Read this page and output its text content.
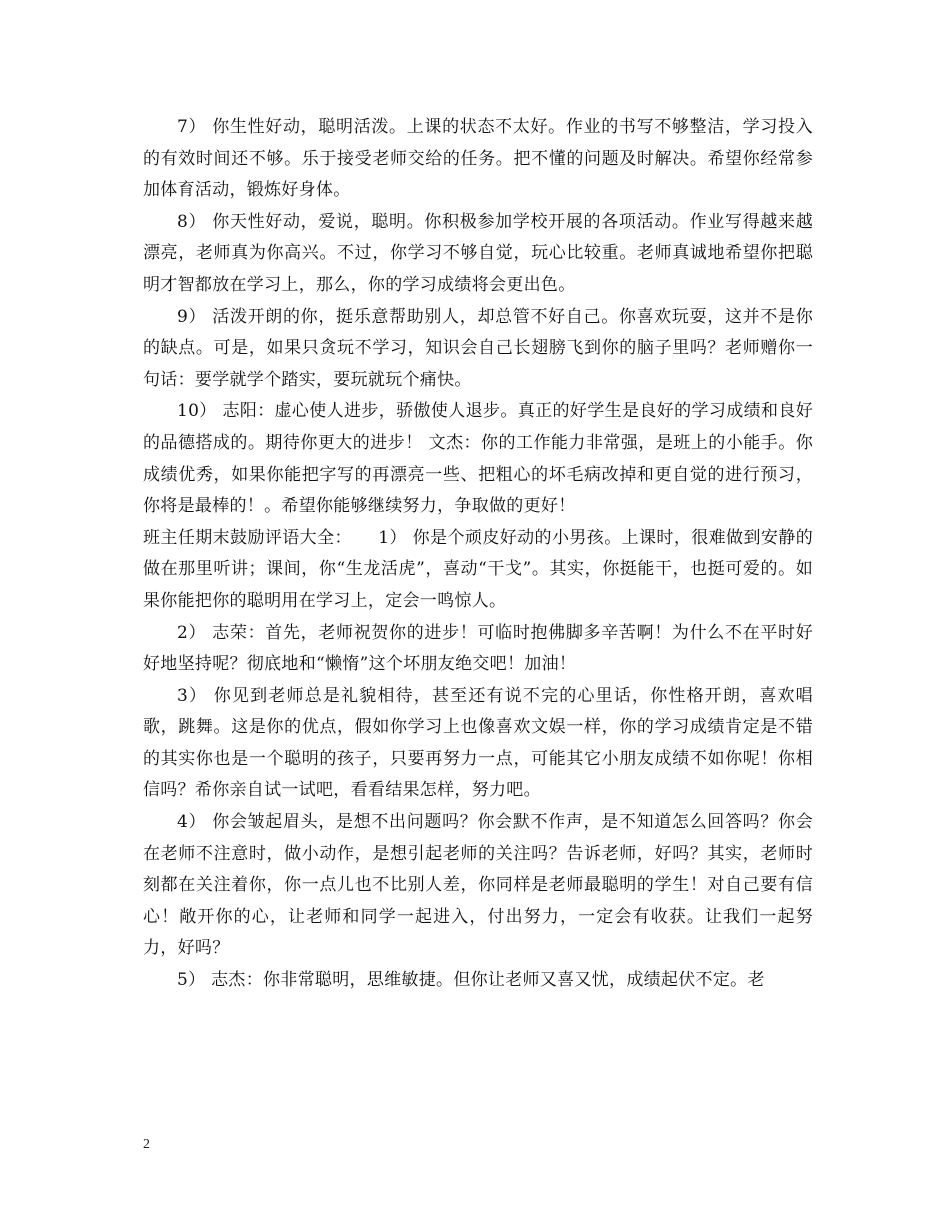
7） 你生性好动，聪明活泼。上课的状态不太好。作业的书写不够整洁，学习投入的有效时间还不够。乐于接受老师交给的任务。把不懂的问题及时解决。希望你经常参加体育活动，锻炼好身体。

8） 你天性好动，爱说，聪明。你积极参加学校开展的各项活动。作业写得越来越漂亮，老师真为你高兴。不过，你学习不够自觉，玩心比较重。老师真诚地希望你把聪明才智都放在学习上，那么，你的学习成绩将会更出色。

9） 活泼开朗的你，挺乐意帮助别人，却总管不好自己。你喜欢玩耍，这并不是你的缺点。可是，如果只贪玩不学习，知识会自己长翅膀飞到你的脑子里吗？老师赠你一句话：要学就学个踏实，要玩就玩个痛快。

10） 志阳：虚心使人进步，骄傲使人退步。真正的好学生是良好的学习成绩和良好的品德搭成的。期待你更大的进步！ 文杰：你的工作能力非常强，是班上的小能手。你成绩优秀，如果你能把字写的再漂亮一些、把粗心的坏毛病改掉和更自觉的进行预习，你将是最棒的！。希望你能够继续努力，争取做的更好！

班主任期末鼓励评语大全：　　1） 你是个顽皮好动的小男孩。上课时，很难做到安静的做在那里听讲；课间，你“生龙活虎”，喜动“干戈”。其实，你挺能干，也挺可爱的。如果你能把你的聪明用在学习上，定会一鸣惊人。

2） 志荣：首先，老师祝贺你的进步！可临时抱佛脚多辛苦啊！为什么不在平时好好地坚持呢？彻底地和“懒惰”这个坏朋友绝交吧！加油！

3） 你见到老师总是礼貌相待，甚至还有说不完的心里话，你性格开朗，喜欢唱歌，跳舞。这是你的优点，假如你学习上也像喜欢文娱一样，你的学习成绩肯定是不错的其实你也是一个聪明的孩子，只要再努力一点，可能其它小朋友成绩不如你呢！你相信吗？希你亲自试一试吧，看看结果怎样，努力吧。

4） 你会皱起眉头，是想不出问题吗？你会默不作声，是不知道怎么回答吗？你会在老师不注意时，做小动作，是想引起老师的关注吗？告诉老师，好吗？其实，老师时刻都在关注着你，你一点儿也不比别人差，你同样是老师最聪明的学生！对自己要有信心！敞开你的心，让老师和同学一起进入，付出努力，一定会有收获。让我们一起努力，好吗？

5） 志杰：你非常聪明，思维敏捷。但你让老师又喜又忧，成绩起伏不定。老

2
